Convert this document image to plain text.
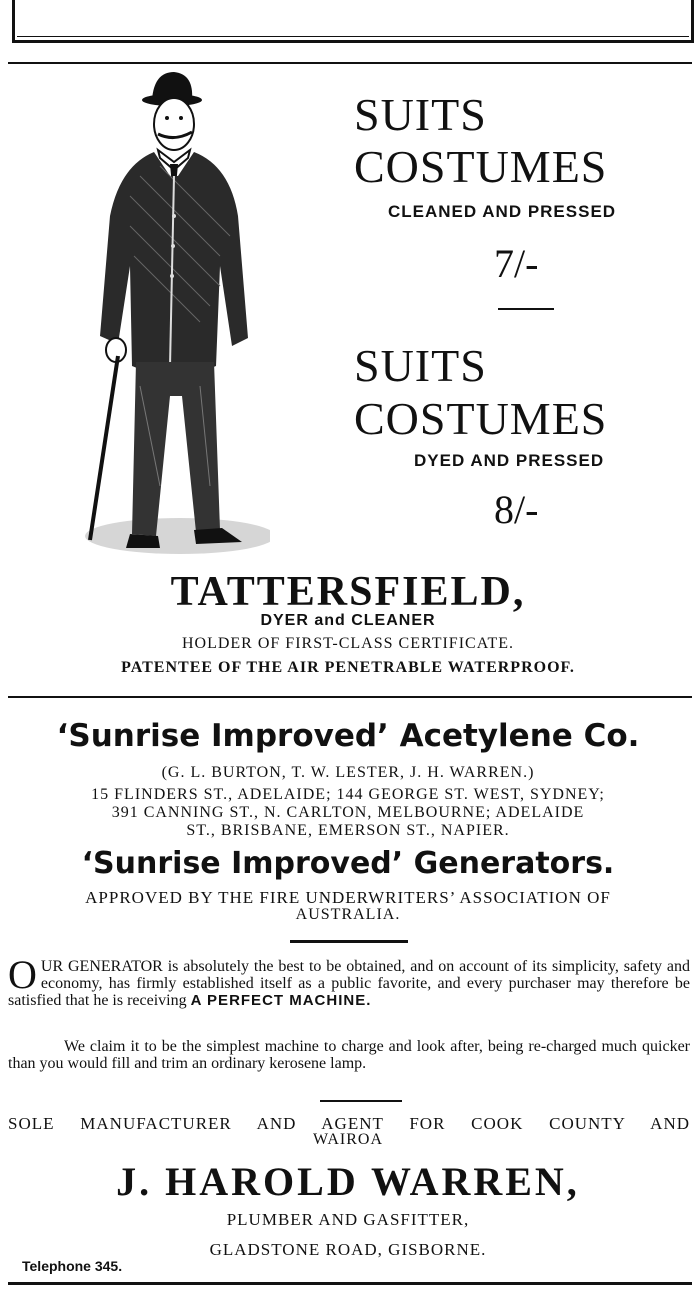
SUITS
COSTUMES
CLEANED AND PRESSED
7/-
SUITS
COSTUMES
DYED AND PRESSED
8/-
TATTERSFIELD,
DYER and CLEANER
HOLDER OF FIRST-CLASS CERTIFICATE.
PATENTEE OF THE AIR PENETRABLE WATERPROOF.
‘Sunrise Improved’ Acetylene Co.
(G. L. BURTON, T. W. LESTER, J. H. WARREN.)
15 FLINDERS ST., ADELAIDE; 144 GEORGE ST. WEST, SYDNEY;
391 CANNING ST., N. CARLTON, MELBOURNE; ADELAIDE
ST., BRISBANE, EMERSON ST., NAPIER.
‘Sunrise Improved’ Generators.
APPROVED BY THE FIRE UNDERWRITERS’ ASSOCIATION OF
AUSTRALIA.
OUR GENERATOR is absolutely the best to be obtained, and on account of its simplicity, safety and economy, has firmly established itself as a public favorite, and every purchaser may therefore be satisfied that he is receiving A PERFECT MACHINE.
We claim it to be the simplest machine to charge and look after, being re-charged much quicker than you would fill and trim an ordinary kerosene lamp.
SOLE MANUFACTURER AND AGENT FOR COOK COUNTY AND
WAIROA
J. HAROLD WARREN,
PLUMBER AND GASFITTER,
GLADSTONE ROAD, GISBORNE.
Telephone 345.
